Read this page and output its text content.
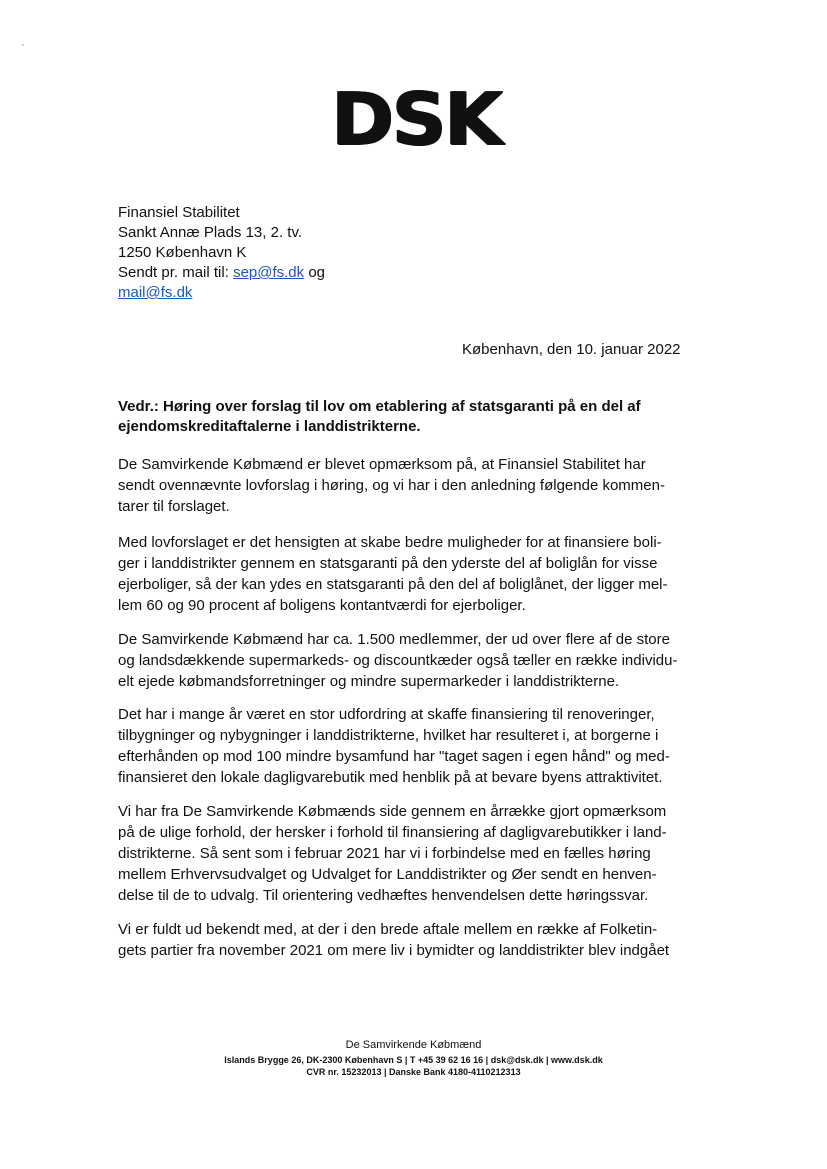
DSK
Finansiel Stabilitet
Sankt Annæ Plads 13, 2. tv.
1250 København K
Sendt pr. mail til: sep@fs.dk og
mail@fs.dk
København, den 10. januar 2022
Vedr.: Høring over forslag til lov om etablering af statsgaranti på en del af
ejendomskreditaftalerne i landdistrikterne.
De Samvirkende Købmænd er blevet opmærksom på, at Finansiel Stabilitet har
sendt ovennævnte lovforslag i høring, og vi har i den anledning følgende kommen-
tarer til forslaget.
Med lovforslaget er det hensigten at skabe bedre muligheder for at finansiere boli-
ger i landdistrikter gennem en statsgaranti på den yderste del af boliglån for visse
ejerboliger, så der kan ydes en statsgaranti på den del af boliglånet, der ligger mel-
lem 60 og 90 procent af boligens kontantværdi for ejerboliger.
De Samvirkende Købmænd har ca. 1.500 medlemmer, der ud over flere af de store
og landsdækkende supermarkeds- og discountkæder også tæller en række individu-
elt ejede købmandsforretninger og mindre supermarkeder i landdistrikterne.
Det har i mange år været en stor udfordring at skaffe finansiering til renoveringer,
tilbygninger og nybygninger i landdistrikterne, hvilket har resulteret i, at borgerne i
efterhånden op mod 100 mindre bysamfund har "taget sagen i egen hånd" og med-
finansieret den lokale dagligvarebutik med henblik på at bevare byens attraktivitet.
Vi har fra De Samvirkende Købmænds side gennem en årrække gjort opmærksom
på de ulige forhold, der hersker i forhold til finansiering af dagligvarebutikker i land-
distrikterne. Så sent som i februar 2021 har vi i forbindelse med en fælles høring
mellem Erhvervsudvalget og Udvalget for Landdistrikter og Øer sendt en henven-
delse til de to udvalg. Til orientering vedhæftes henvendelsen dette høringssvar.
Vi er fuldt ud bekendt med, at der i den brede aftale mellem en række af Folketin-
gets partier fra november 2021 om mere liv i bymidter og landdistrikter blev indgået
De Samvirkende Købmænd
Islands Brygge 26, DK-2300 København S | T +45 39 62 16 16 | dsk@dsk.dk | www.dsk.dk
CVR nr. 15232013 | Danske Bank 4180-4110212313
